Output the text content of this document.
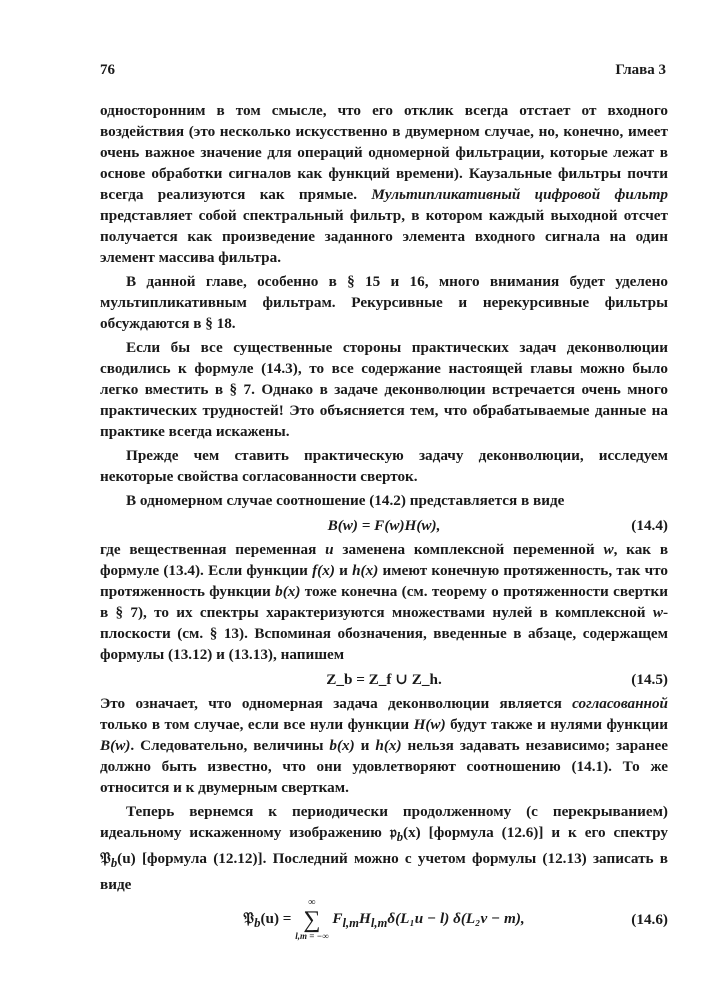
76	Глава 3

односторонним в том смысле, что его отклик всегда отстает от входного воздействия (это несколько искусственно в двумерном случае, но, конечно, имеет очень важное значение для операций одномерной фильтрации, которые лежат в основе обработки сигналов как функций времени). Каузальные фильтры почти всегда реализуются как прямые. Мультипликативный цифровой фильтр представляет собой спектральный фильтр, в котором каждый выходной отсчет получается как произведение заданного элемента входного сигнала на один элемент массива фильтра.

В данной главе, особенно в § 15 и 16, много внимания будет уделено мультипликативным фильтрам. Рекурсивные и нерекурсивные фильтры обсуждаются в § 18.

Если бы все существенные стороны практических задач деконволюции сводились к формуле (14.3), то все содержание настоящей главы можно было легко вместить в § 7. Однако в задаче деконволюции встречается очень много практических трудностей! Это объясняется тем, что обрабатываемые данные на практике всегда искажены.

Прежде чем ставить практическую задачу деконволюции, исследуем некоторые свойства согласованности сверток.

В одномерном случае соотношение (14.2) представляется в виде

B(w) = F(w)H(w),	(14.4)

где вещественная переменная u заменена комплексной переменной w, как в формуле (13.4). Если функции f(x) и h(x) имеют конечную протяженность, так что протяженность функции b(x) тоже конечна (см. теорему о протяженности свертки в § 7), то их спектры характеризуются множествами нулей в комплексной w-плоскости (см. § 13). Вспоминая обозначения, введенные в абзаце, содержащем формулы (13.12) и (13.13), напишем

Z_b = Z_f ∪ Z_h.	(14.5)

Это означает, что одномерная задача деконволюции является согласованной только в том случае, если все нули функции H(w) будут также и нулями функции B(w). Следовательно, величины b(x) и h(x) нельзя задавать независимо; заранее должно быть известно, что они удовлетворяют соотношению (14.1). То же относится и к двумерным сверткам.

Теперь вернемся к периодически продолженному (с перекрыванием) идеальному искаженному изображению 𝔭$_b$(x) [формула (12.6)] и к его спектру 𝔓$_b$(u) [формула (12.12)]. Последний можно с учетом формулы (12.13) записать в виде

𝔓$_b$(u) =
∞
∑
l,m = −∞
$F_{l,m}H_{l,m}\delta(L_1u - l) \delta(L_2v - m)$,	(14.6)
